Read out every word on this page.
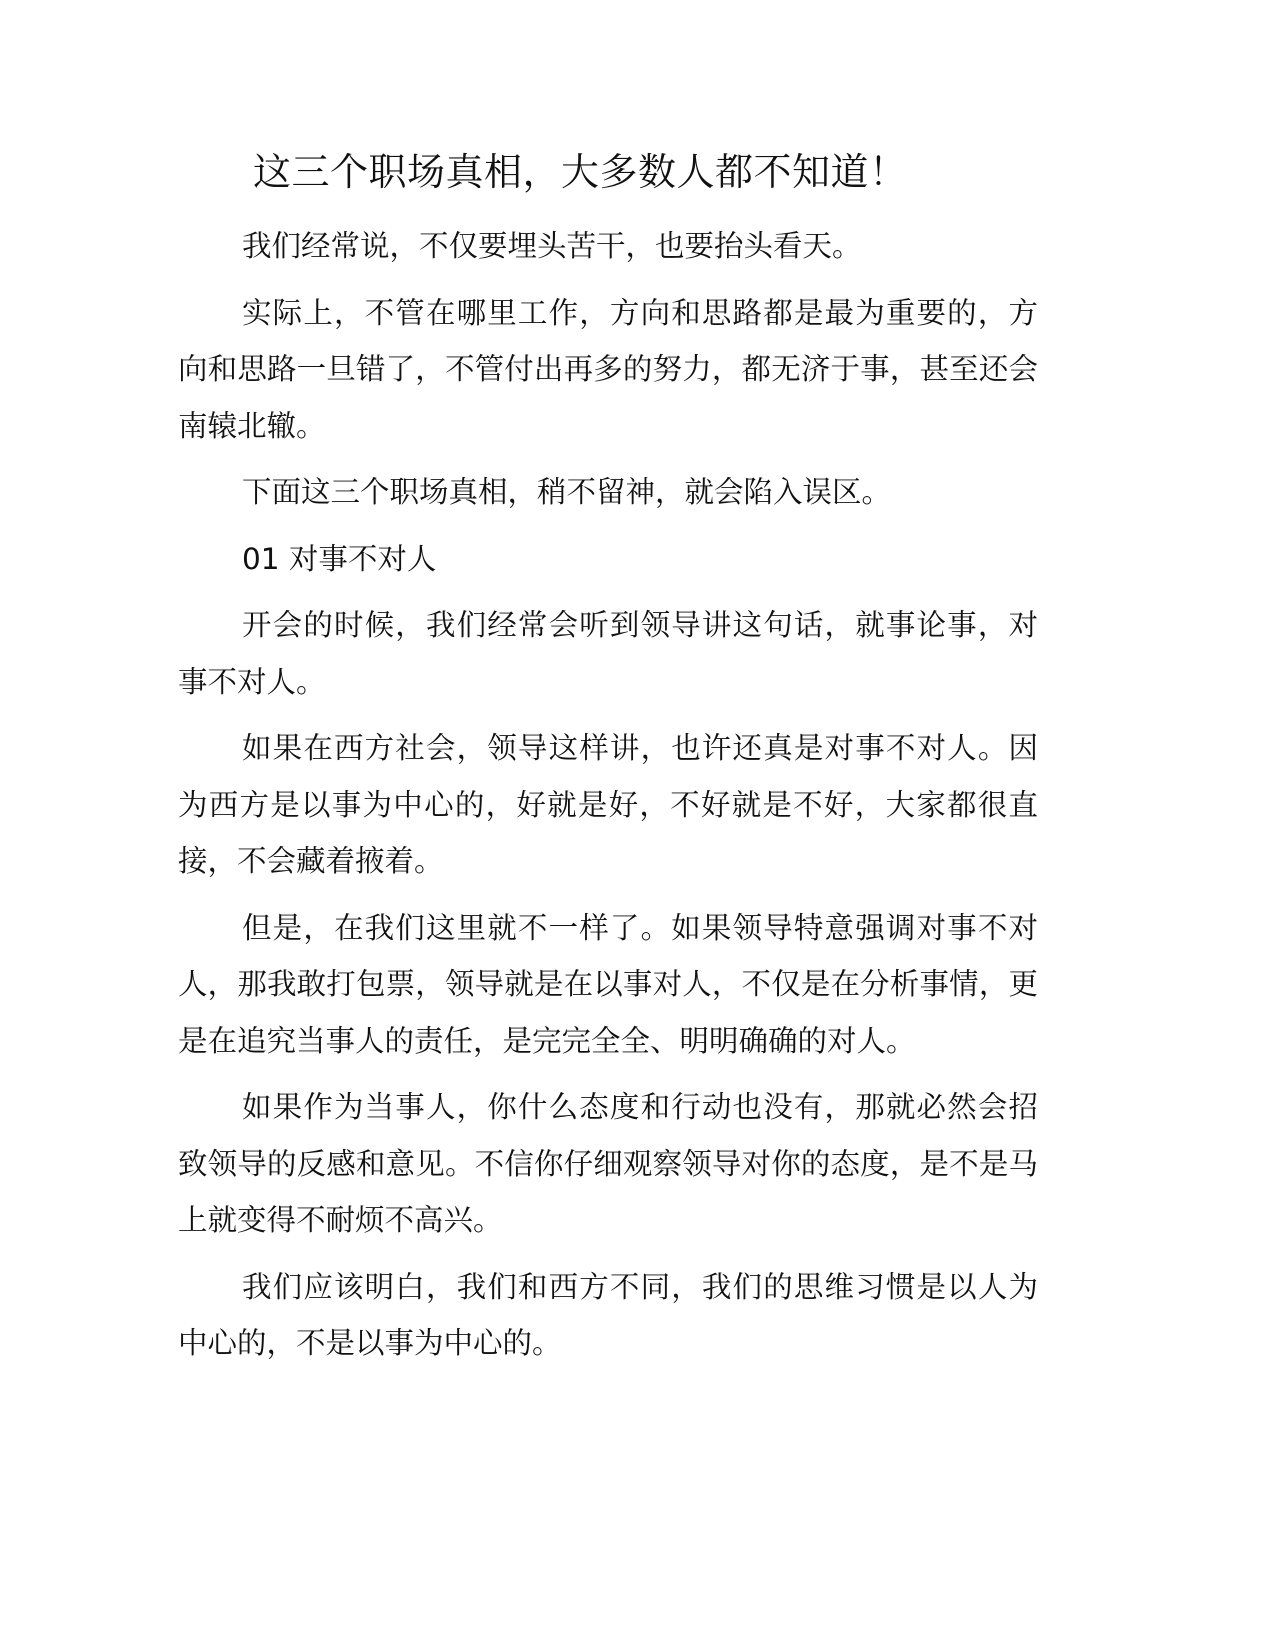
这三个职场真相，大多数人都不知道！

我们经常说，不仅要埋头苦干，也要抬头看天。

实际上，不管在哪里工作，方向和思路都是最为重要的，方向和思路一旦错了，不管付出再多的努力，都无济于事，甚至还会南辕北辙。

下面这三个职场真相，稍不留神，就会陷入误区。

01 对事不对人

开会的时候，我们经常会听到领导讲这句话，就事论事，对事不对人。

如果在西方社会，领导这样讲，也许还真是对事不对人。因为西方是以事为中心的，好就是好，不好就是不好，大家都很直接，不会藏着掖着。

但是，在我们这里就不一样了。如果领导特意强调对事不对人，那我敢打包票，领导就是在以事对人，不仅是在分析事情，更是在追究当事人的责任，是完完全全、明明确确的对人。

如果作为当事人，你什么态度和行动也没有，那就必然会招致领导的反感和意见。不信你仔细观察领导对你的态度，是不是马上就变得不耐烦不高兴。

我们应该明白，我们和西方不同，我们的思维习惯是以人为中心的，不是以事为中心的。
